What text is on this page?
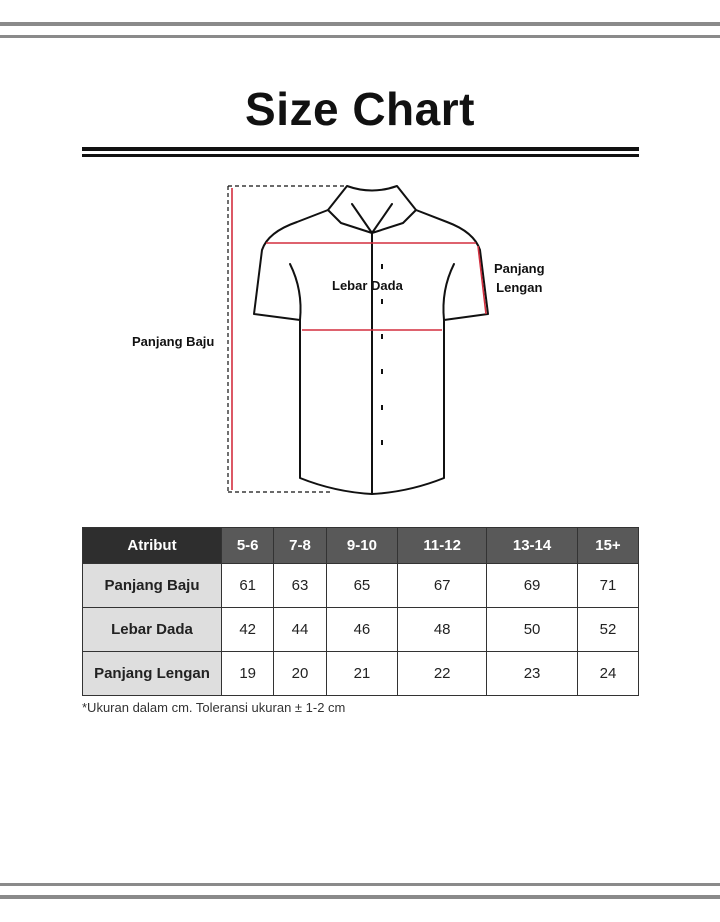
Size Chart
Panjang Baju
Lebar Dada
Panjang
Lengan
Atribut	5-6	7-8	9-10	11-12	13-14	15+
Panjang Baju	61	63	65	67	69	71
Lebar Dada	42	44	46	48	50	52
Panjang Lengan	19	20	21	22	23	24
*Ukuran dalam cm. Toleransi ukuran ± 1-2 cm
